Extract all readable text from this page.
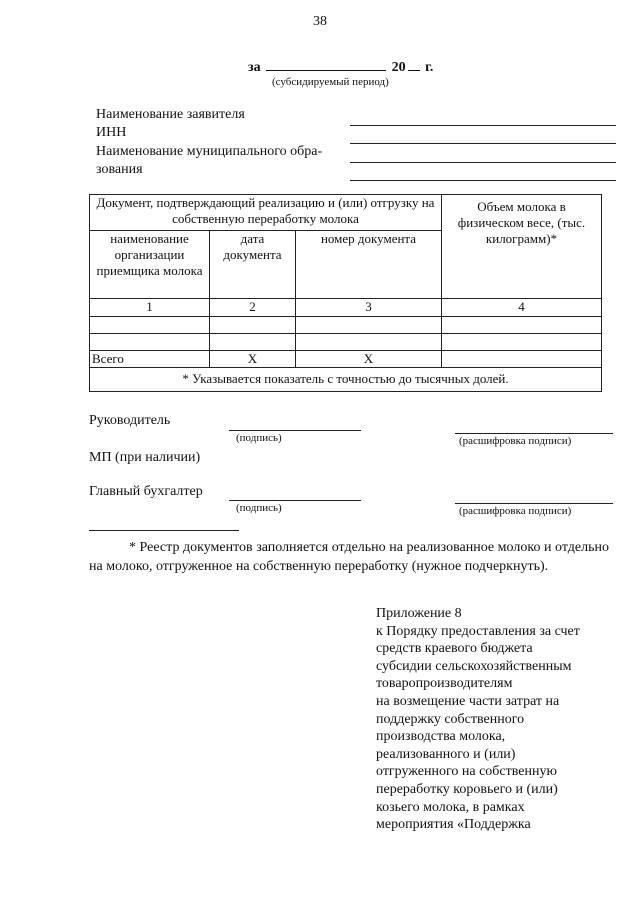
38
за	20 г.
(субсидируемый период)
Наименование заявителя
ИНН
Наименование муниципального обра-
зования
Документ, подтверждающий реализацию и (или) отгрузку на собственную переработку молока			Объем молока в физическом весе, (тыс. килограмм)*
наименование организации приемщика молока	дата документа	номер документа	
1	2	3	4

Всего	Х	Х	
* Указывается показатель с точностью до тысячных долей.			
Руководитель
(подпись)	(расшифровка подписи)
МП (при наличии)
Главный бухгалтер
(подпись)	(расшифровка подписи)
* Реестр документов заполняется отдельно на реализованное молоко и отдельно на молоко, отгруженное на собственную переработку (нужное подчеркнуть).
Приложение 8
к Порядку предоставления за счет
средств краевого бюджета
субсидии сельскохозяйственным
товаропроизводителям
на возмещение части затрат на
поддержку собственного
производства молока,
реализованного и (или)
отгруженного на собственную
переработку коровьего и (или)
козьего молока, в рамках
мероприятия «Поддержка
